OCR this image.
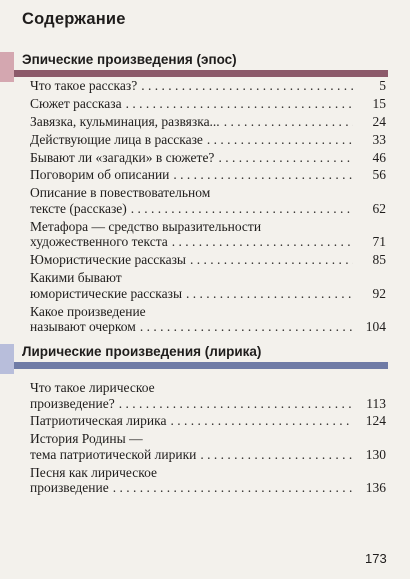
Содержание
Эпические произведения (эпос)
Что такое рассказ? . . .	5
Сюжет рассказа . . .	15
Завязка, кульминация, развязка... . . .	24
Действующие лица в рассказе . . .	33
Бывают ли «загадки» в сюжете? . . .	46
Поговорим об описании . . .	56
Описание в повествовательном
тексте (рассказе) . . .	62
Метафора — средство выразительности
художественного текста . . .	71
Юмористические рассказы . . .	85
Какими бывают
юмористические рассказы . . .	92
Какое произведение
называют очерком . . .	104
Лирические произведения (лирика)
Что такое лирическое
произведение? . . .	113
Патриотическая лирика . . .	124
История Родины —
тема патриотической лирики . . .	130
Песня как лирическое
произведение . . .	136
173
